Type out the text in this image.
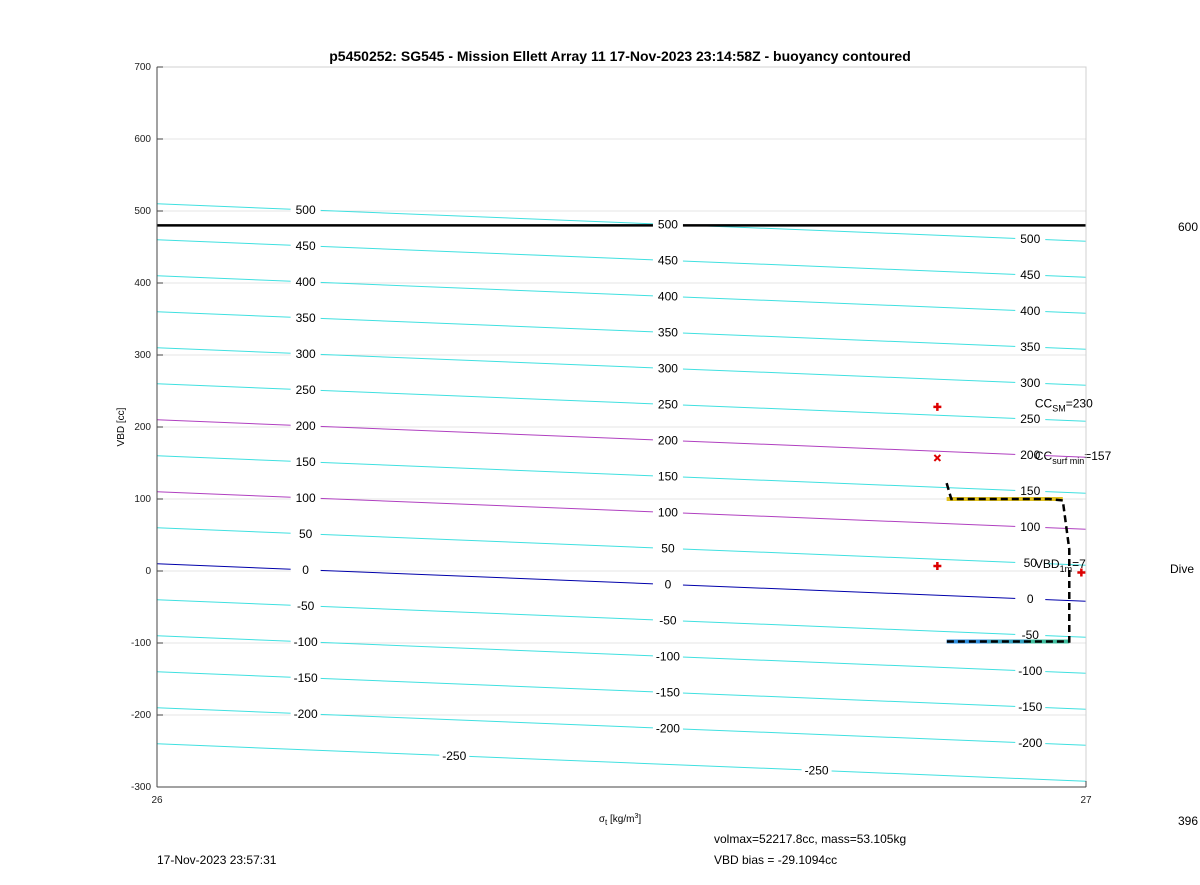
p5450252: SG545 - Mission Ellett Array 11 17-Nov-2023 23:14:58Z - buoyancy contoured
-250
-250
-200
-200
-200
-150
-150
-150
-100
-100
-100
-50
-50
-50
0
0
0
50
50
50
100
100
100
150
150
150
200
200
200
250
250
250
300
300
300
350
350
350
400
400
400
450
450
450
500
500
500
$CC_{SM}=230$
$CC_{surf min}=157$
$VBD_{1m}=7$
-300
-200
-100
0
100
200
300
400
500
600
700
26	27
VBD [cc]
$\sigma_t$ $[kg/m^3]$
600
Dive
396
17-Nov-2023 23:57:31
volmax=52217.8cc, mass=53.105kg
VBD bias = -29.1094cc
